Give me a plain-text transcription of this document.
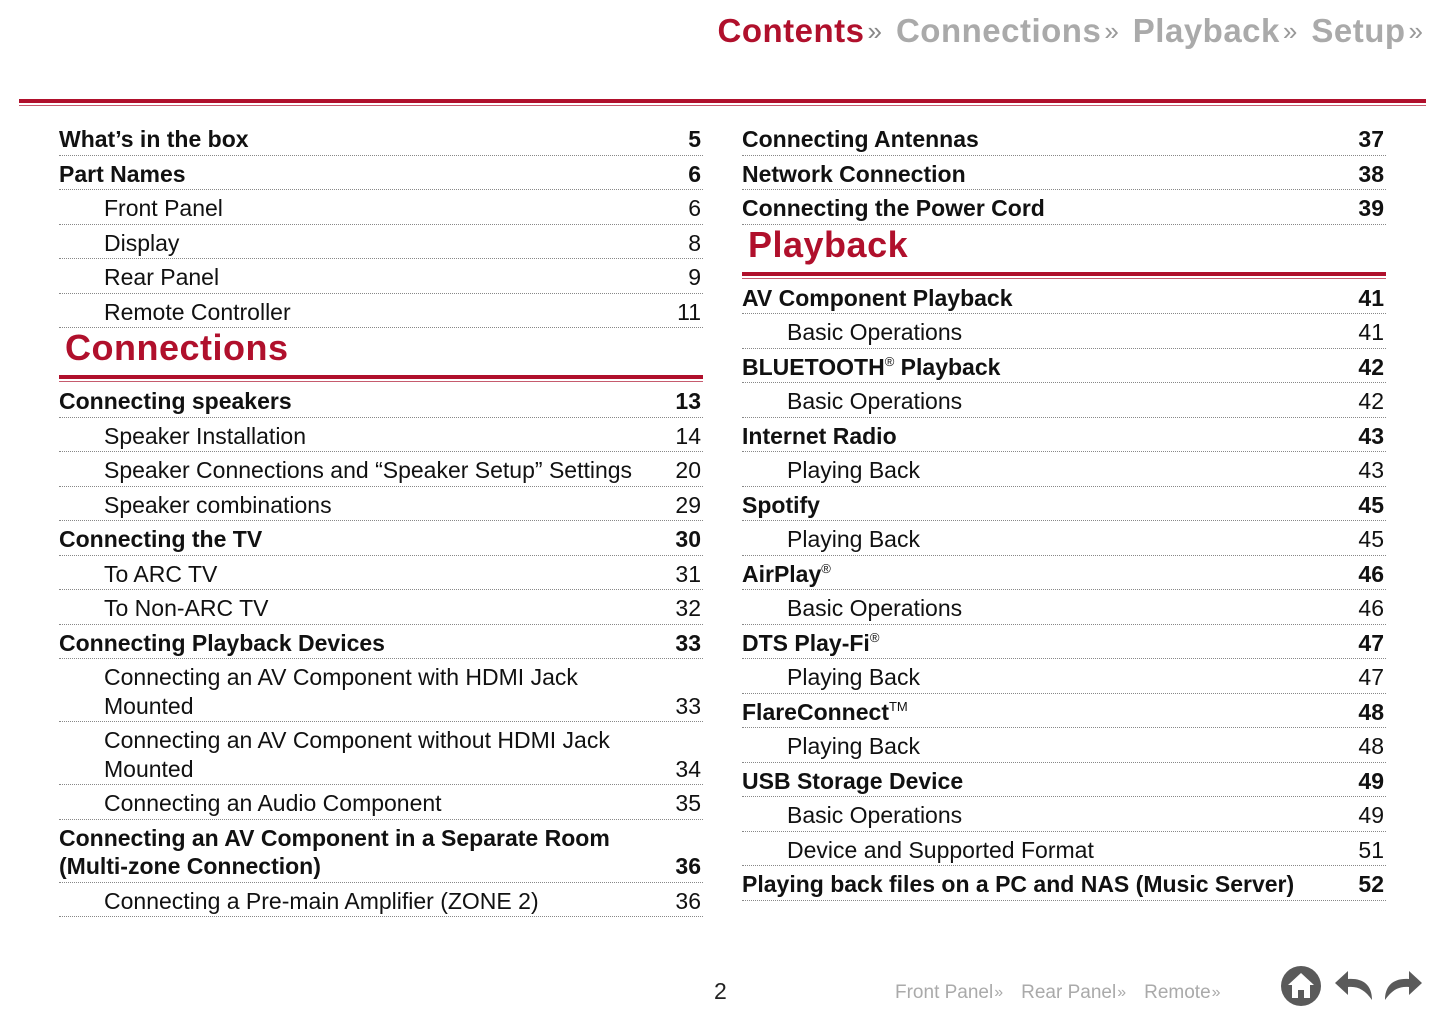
Contents » Connections » Playback » Setup »
What’s in the box	5
Part Names	6
Front Panel	6
Display	8
Rear Panel	9
Remote Controller	11
Connections
Connecting speakers	13
Speaker Installation	14
Speaker Connections and “Speaker Setup” Settings	20
Speaker combinations	29
Connecting the TV	30
To ARC TV	31
To Non-ARC TV	32
Connecting Playback Devices	33
Connecting an AV Component with HDMI Jack
Mounted	33
Connecting an AV Component without HDMI Jack
Mounted	34
Connecting an Audio Component	35
Connecting an AV Component in a Separate Room
(Multi-zone Connection)	36
Connecting a Pre-main Amplifier (ZONE 2)	36
Connecting Antennas	37
Network Connection	38
Connecting the Power Cord	39
Playback
AV Component Playback	41
Basic Operations	41
BLUETOOTH® Playback	42
Basic Operations	42
Internet Radio	43
Playing Back	43
Spotify	45
Playing Back	45
AirPlay®	46
Basic Operations	46
DTS Play-Fi®	47
Playing Back	47
FlareConnect™	48
Playing Back	48
USB Storage Device	49
Basic Operations	49
Device and Supported Format	51
Playing back files on a PC and NAS (Music Server)	52
2	Front Panel » Rear Panel » Remote »
